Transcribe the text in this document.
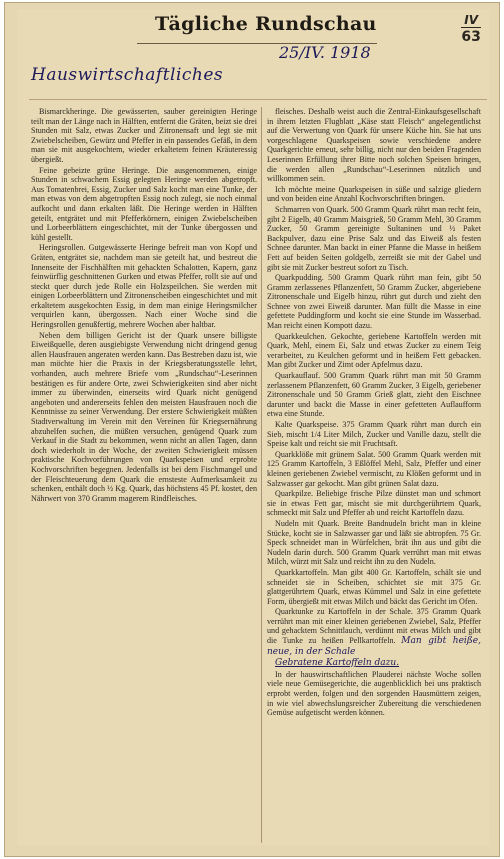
Tägliche Rundschau	IV
63
25/IV. 1918
Hauswirtschaftliches

Bismarckheringe. Die gewässerten, sauber gereinigten Heringe teilt man der Länge nach in Hälften, entfernt die Gräten, beizt sie drei Stunden mit Salz, etwas Zucker und Zitronensaft und legt sie mit Zwiebelscheiben, Gewürz und Pfeffer in ein passendes Gefäß, in dem man sie mit ausgekochtem, wieder erkaltetem feinen Kräuteressig übergießt.

Feine gebeizte grüne Heringe. Die ausgenommenen, einige Stunden in schwachem Essig gelegten Heringe werden abgetropft. Aus Tomatenbrei, Essig, Zucker und Salz kocht man eine Tunke, der man etwas von dem abgetropften Essig noch zulegt, sie noch einmal aufkocht und dann erkalten läßt. Die Heringe werden in Hälften geteilt, entgrätet und mit Pfefferkörnern, einigen Zwiebelscheiben und Lorbeerblättern eingeschichtet, mit der Tunke übergossen und kühl gestellt.

Heringsrollen. Gutgewässerte Heringe befreit man von Kopf und Gräten, entgrätet sie, nachdem man sie geteilt hat, und bestreut die Innenseite der Fischhälften mit gehackten Schalotten, Kapern, ganz feinwürflig geschnittenen Gurken und etwas Pfeffer, rollt sie auf und steckt quer durch jede Rolle ein Holzspeilchen. Sie werden mit einigen Lorbeerblättern und Zitronenscheiben eingeschichtet und mit erkaltetem ausgekochten Essig, in dem man einige Heringsmilcher verquirlen kann, übergossen. Nach einer Woche sind die Heringsrollen genußfertig, mehrere Wochen aber haltbar.

Neben dem billigen Gericht ist der Quark unsere billigste Eiweißquelle, deren ausgiebigste Verwendung nicht dringend genug allen Hausfrauen angeraten werden kann. Das Bestreben dazu ist, wie man möchte hier die Praxis in der Kriegsberatungsstelle lehrt, vorhanden, auch mehrere Briefe vom „Rundschau“-Leserinnen bestätigen es für andere Orte, zwei Schwierigkeiten sind aber nicht immer zu überwinden, einerseits wird Quark nicht genügend angeboten und andererseits fehlen den meisten Hausfrauen noch die Kenntnisse zu seiner Verwendung. Der erstere Schwierigkeit müßten Stadtverwaltung im Verein mit den Vereinen für Kriegsernährung abzuhelfen suchen, die müßten versuchen, genügend Quark zum Verkauf in die Stadt zu bekommen, wenn nicht an allen Tagen, dann doch wiederholt in der Woche, der zweiten Schwierigkeit müssen praktische Kochvorführungen von Quarkspeisen und erprobte Kochvorschriften begegnen. Jedenfalls ist bei dem Fischmangel und der Fleischteuerung dem Quark die ernsteste Aufmerksamkeit zu schenken, enthält doch ½ Kg. Quark, das höchstens 45 Pf. kostet, den Nährwert von 370 Gramm magerem Rindfleisches.

fleisches. Deshalb weist auch die Zentral-Einkaufsgesellschaft in ihrem letzten Flugblatt „Käse statt Fleisch“ angelegentlichst auf die Verwertung von Quark für unsere Küche hin. Sie hat uns vorgeschlagene Quarkspeisen sowie verschiedene andere Quarkgerichte erneut, sehr billig, nicht nur den beiden Fragenden Leserinnen Erfüllung ihrer Bitte noch solchen Speisen bringen, die werden allen „Rundschau“-Leserinnen nützlich und willkommen sein.

Ich möchte meine Quarkspeisen in süße und salzige gliedern und von beiden eine Anzahl Kochvorschriften bringen.

Schmarren von Quark. 500 Gramm Quark rührt man recht fein, gibt 2 Eigelb, 40 Gramm Maisgrieß, 50 Gramm Mehl, 30 Gramm Zucker, 50 Gramm gereinigte Sultaninen und ½ Paket Backpulver, dazu eine Prise Salz und das Eiweiß als festen Schnee darunter. Man backt in einer Pfanne die Masse in heißem Fett auf beiden Seiten goldgelb, zerreißt sie mit der Gabel und gibt sie mit Zucker bestreut sofort zu Tisch.

Quarkpudding. 500 Gramm Quark rührt man fein, gibt 50 Gramm zerlassenes Pflanzenfett, 50 Gramm Zucker, abgeriebene Zitronenschale und Eigelb hinzu, rührt gut durch und zieht den Schnee von zwei Eiweiß darunter. Man füllt die Masse in eine gefettete Puddingform und kocht sie eine Stunde im Wasserbad. Man reicht einen Kompott dazu.

Quarkkeulchen. Gekochte, geriebene Kartoffeln werden mit Quark, Mehl, einem Ei, Salz und etwas Zucker zu einem Teig verarbeitet, zu Keulchen geformt und in heißem Fett gebacken. Man gibt Zucker und Zimt oder Apfelmus dazu.

Quarkauflauf. 500 Gramm Quark rührt man mit 50 Gramm zerlassenem Pflanzenfett, 60 Gramm Zucker, 3 Eigelb, geriebener Zitronenschale und 50 Gramm Grieß glatt, zieht den Eischnee darunter und backt die Masse in einer gefetteten Auflaufform etwa eine Stunde.

Kalte Quarkspeise. 375 Gramm Quark rührt man durch ein Sieb, mischt 1/4 Liter Milch, Zucker und Vanille dazu, stellt die Speise kalt und reicht sie mit Fruchtsaft.

Quarkklöße mit grünem Salat. 500 Gramm Quark werden mit 125 Gramm Kartoffeln, 3 Eßlöffel Mehl, Salz, Pfeffer und einer kleinen geriebenen Zwiebel vermischt, zu Klößen geformt und in Salzwasser gar gekocht. Man gibt grünen Salat dazu.

Quarkpilze. Beliebige frische Pilze dünstet man und schmort sie in etwas Fett gar, mischt sie mit durchgerührtem Quark, schmeckt mit Salz und Pfeffer ab und reicht Kartoffeln dazu.

Nudeln mit Quark. Breite Bandnudeln bricht man in kleine Stücke, kocht sie in Salzwasser gar und läßt sie abtropfen. 75 Gr. Speck schneidet man in Würfelchen, brät ihn aus und gibt die Nudeln darin durch. 500 Gramm Quark verrührt man mit etwas Milch, würzt mit Salz und reicht ihn zu den Nudeln.

Quarkkartoffeln. Man gibt 400 Gr. Kartoffeln, schält sie und schneidet sie in Scheiben, schichtet sie mit 375 Gr. glattgerührtem Quark, etwas Kümmel und Salz in eine gefettete Form, übergießt mit etwas Milch und bäckt das Gericht im Ofen.

Quarktunke zu Kartoffeln in der Schale. 375 Gramm Quark verrührt man mit einer kleinen geriebenen Zwiebel, Salz, Pfeffer und gehacktem Schnittlauch, verdünnt mit etwas Milch und gibt die Tunke zu heißen Pellkartoffeln. Man gibt heiße, neue, in der Schale

Gebratene Kartoffeln dazu.

In der hauswirtschaftlichen Plauderei nächste Woche sollen viele neue Gemüsegerichte, die augenblicklich bei uns praktisch erprobt werden, folgen und den sorgenden Hausmüttern zeigen, in wie viel abwechslungsreicher Zubereitung die verschiedenen Gemüse aufgetischt werden können.
